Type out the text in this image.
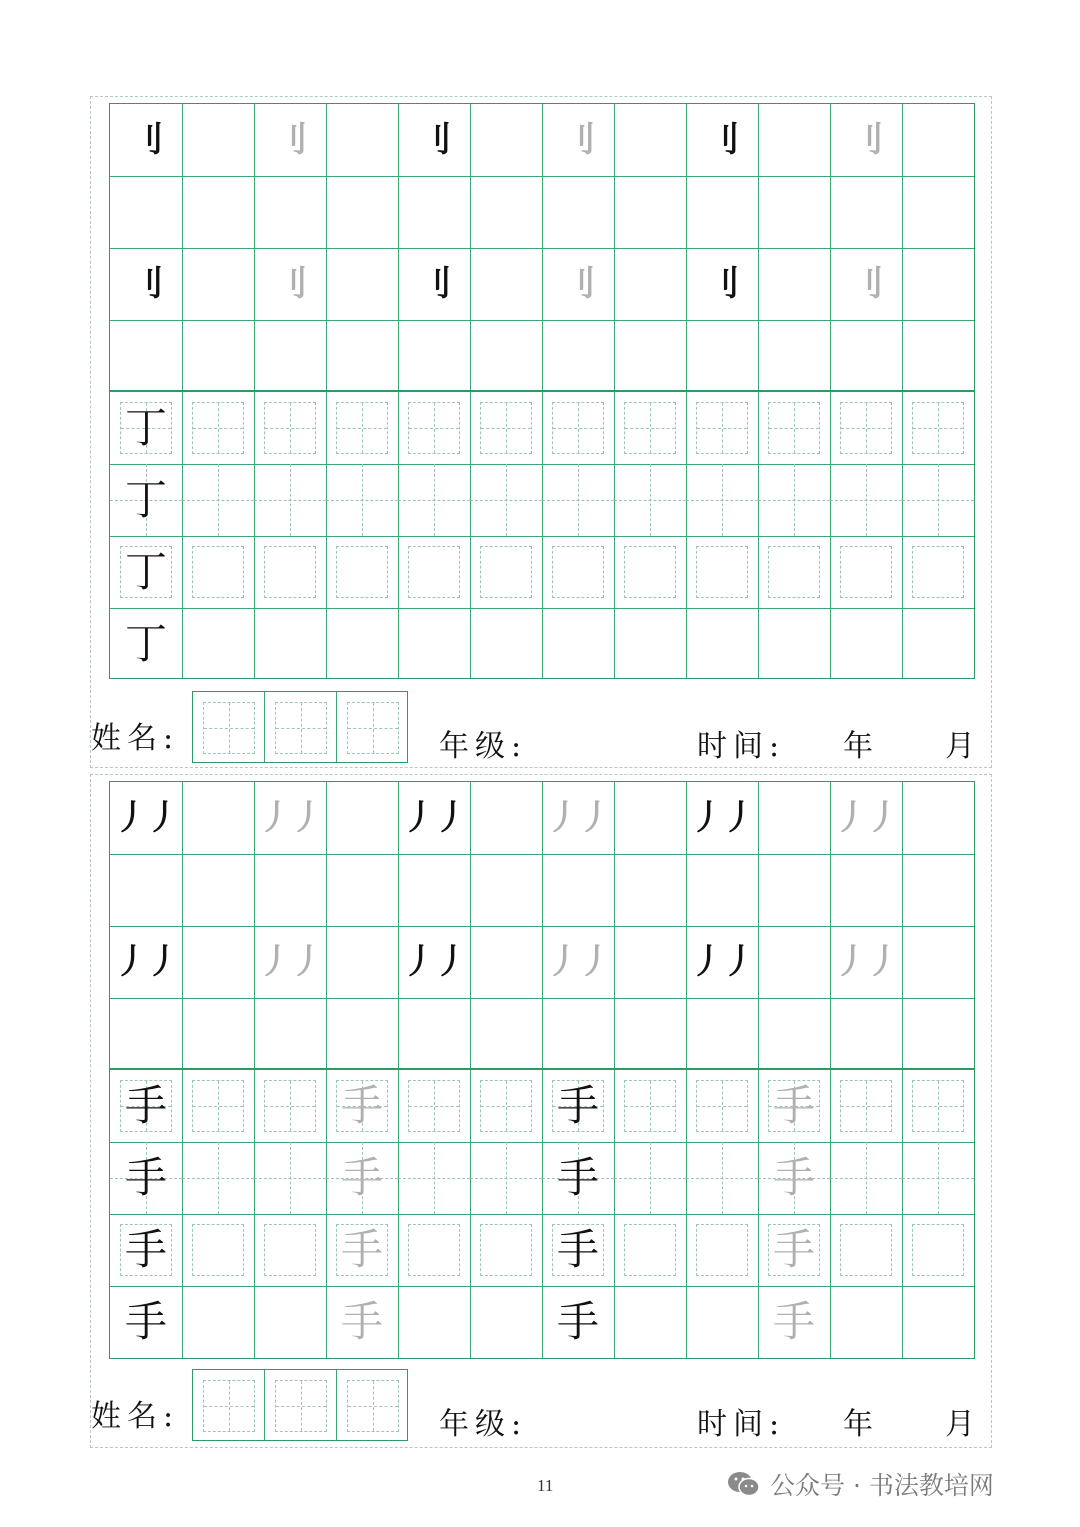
刂	刂	刂	刂	刂	刂
刂	刂	刂	刂	刂	刂
丁
丁
丁
丁
姓名:	年级:	时间: 年 月
丿丿 丿丿 丿丿 丿丿 丿丿 丿丿
丿丿 丿丿 丿丿 丿丿 丿丿 丿丿
手	手	手	手
手	手	手	手
手	手	手	手
手	手	手	手
姓名:	年级:	时间: 年 月
11	公众号 · 书法教培网
